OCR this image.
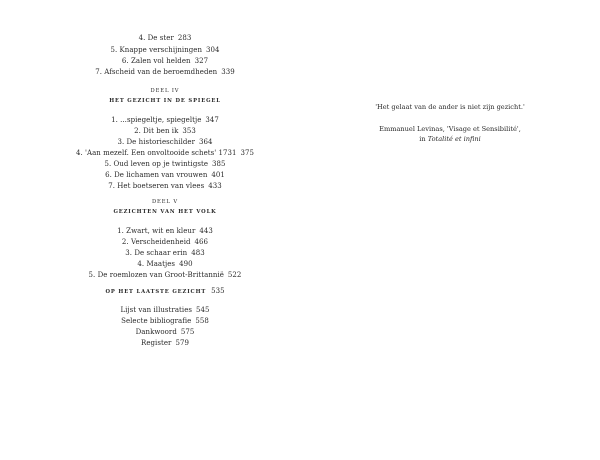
4. De ster 283
5. Knappe verschijningen 304
6. Zalen vol helden 327
7. Afscheid van de beroemdheden 339
DEEL IV
HET GEZICHT IN DE SPIEGEL
1. ...spiegeltje, spiegeltje 347
2. Dit ben ik 353
3. De historieschilder 364
4. 'Aan mezelf. Een onvoltooide schets' 1731 375
5. Oud leven op je twintigste 385
6. De lichamen van vrouwen 401
7. Het boetseren van vlees 433
DEEL V
GEZICHTEN VAN HET VOLK
1. Zwart, wit en kleur 443
2. Verscheidenheid 466
3. De schaar erin 483
4. Maatjes 490
5. De roemlozen van Groot-Brittannië 522
OP HET LAATSTE GEZICHT 535
Lijst van illustraties 545
Selecte bibliografie 558
Dankwoord 575
Register 579
'Het gelaat van de ander is niet zijn gezicht.'
Emmanuel Levinas, 'Visage et Sensibilité',
in Totalité et infini
